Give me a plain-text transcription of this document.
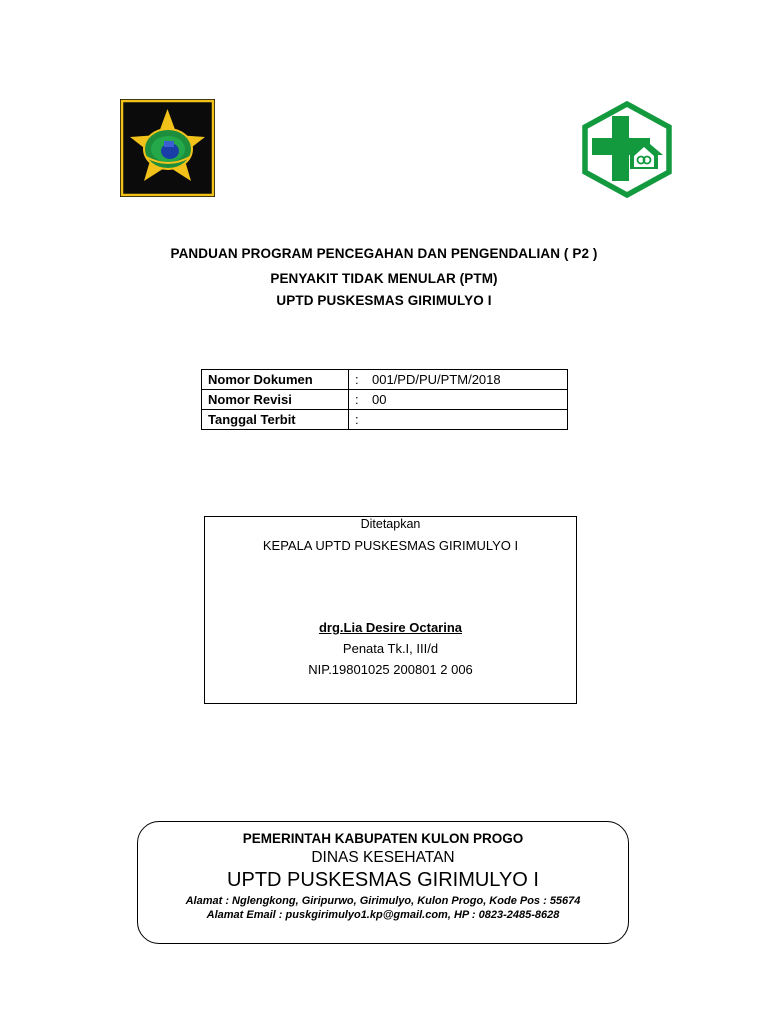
PANDUAN PROGRAM PENCEGAHAN DAN PENGENDALIAN ( P2 )
PENYAKIT TIDAK MENULAR (PTM)
UPTD PUSKESMAS GIRIMULYO I
Nomor Dokumen	: 001/PD/PU/PTM/2018
Nomor Revisi	: 00
Tanggal Terbit	:
Ditetapkan
KEPALA UPTD PUSKESMAS GIRIMULYO I
drg.Lia Desire Octarina
Penata Tk.I, III/d
NIP.19801025 200801 2 006
PEMERINTAH KABUPATEN KULON PROGO
DINAS KESEHATAN
UPTD PUSKESMAS GIRIMULYO I
Alamat : Nglengkong, Giripurwo, Girimulyo, Kulon Progo, Kode Pos : 55674
Alamat Email : puskgirimulyo1.kp@gmail.com, HP : 0823-2485-8628
